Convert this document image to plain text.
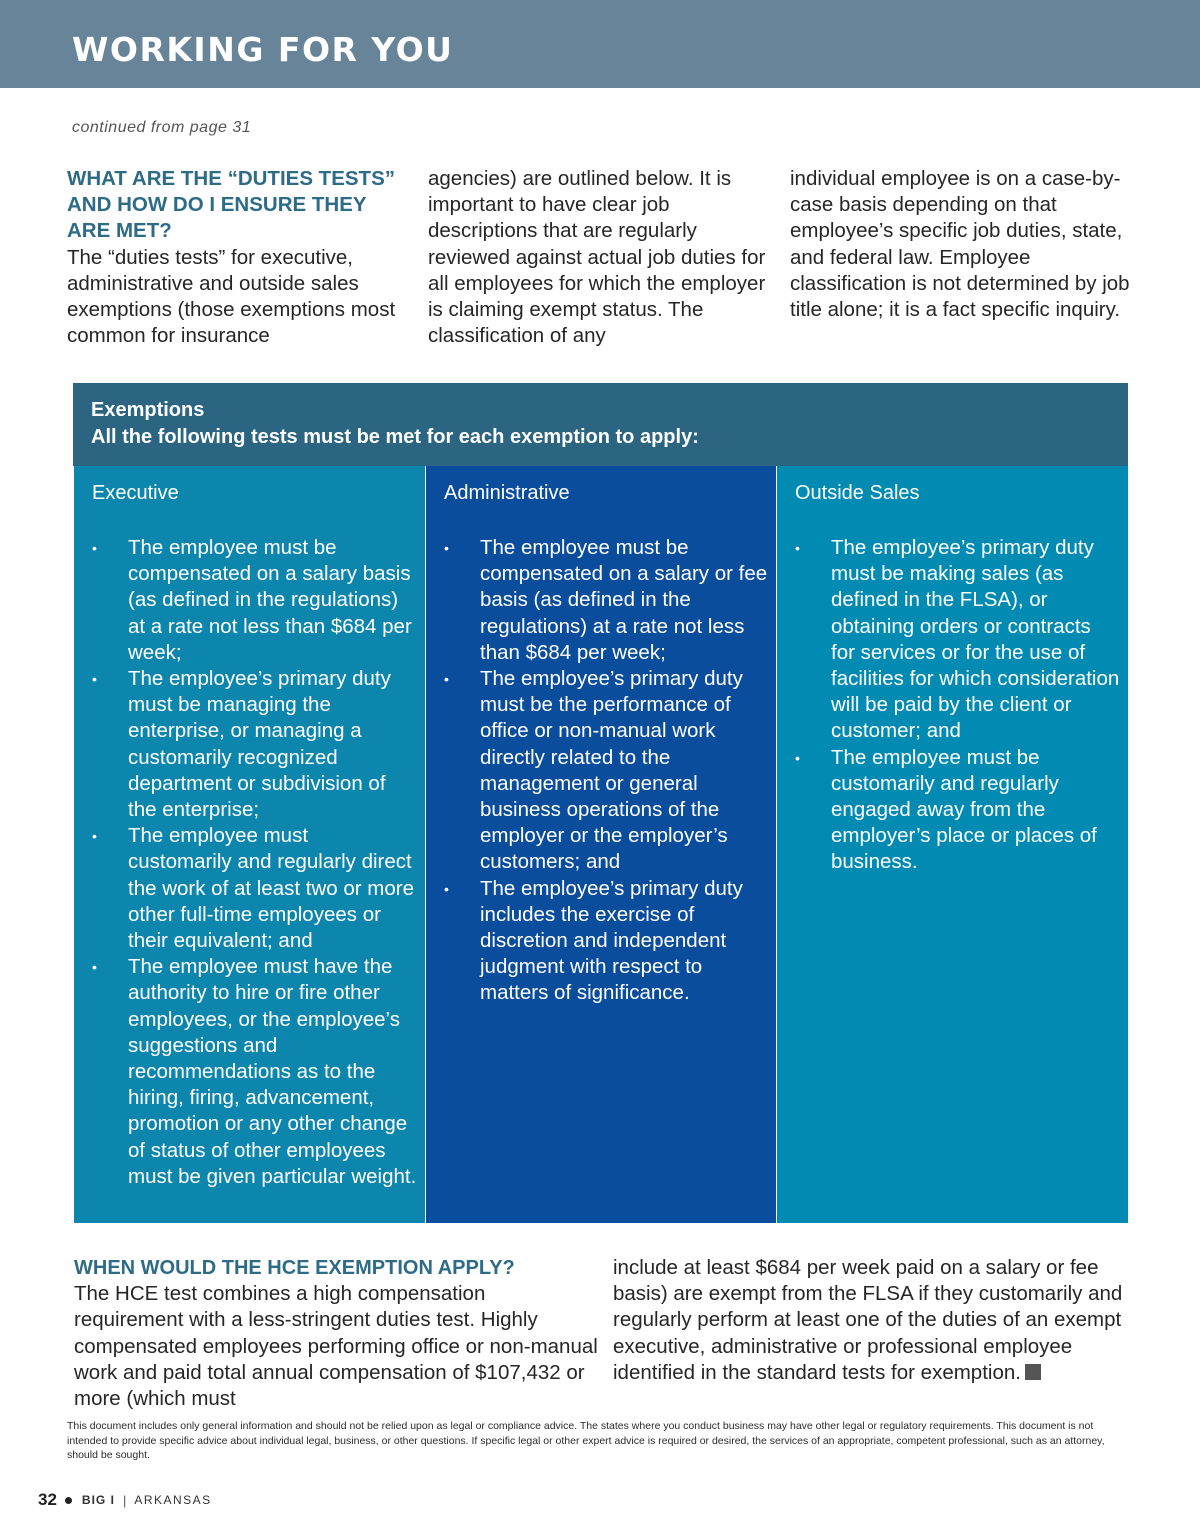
WORKING FOR YOU
continued from page 31
WHAT ARE THE “DUTIES TESTS” AND HOW DO I ENSURE THEY ARE MET?

The “duties tests” for executive, administrative and outside sales exemptions (those exemptions most common for insurance

agencies) are outlined below. It is important to have clear job descriptions that are regularly reviewed against actual job duties for all employees for which the employer is claiming exempt status. The classification of any

individual employee is on a case-by-case basis depending on that employee’s specific job duties, state, and federal law. Employee classification is not determined by job title alone; it is a fact specific inquiry.

Exemptions
All the following tests must be met for each exemption to apply:
Executive
• The employee must be compensated on a salary basis (as defined in the regulations) at a rate not less than $684 per week;
• The employee’s primary duty must be managing the enterprise, or managing a customarily recognized department or subdivision of the enterprise;
• The employee must customarily and regularly direct the work of at least two or more other full-time employees or their equivalent; and
• The employee must have the authority to hire or fire other employees, or the employee’s suggestions and recommendations as to the hiring, firing, advancement, promotion or any other change of status of other employees must be given particular weight.
Administrative
• The employee must be compensated on a salary or fee basis (as defined in the regulations) at a rate not less than $684 per week;
• The employee’s primary duty must be the performance of office or non-manual work directly related to the management or general business operations of the employer or the employer’s customers; and
• The employee’s primary duty includes the exercise of discretion and independent judgment with respect to matters of significance.
Outside Sales
• The employee’s primary duty must be making sales (as defined in the FLSA), or obtaining orders or contracts for services or for the use of facilities for which consideration will be paid by the client or customer; and
• The employee must be customarily and regularly engaged away from the employer’s place or places of business.
WHEN WOULD THE HCE EXEMPTION APPLY?

The HCE test combines a high compensation requirement with a less-stringent duties test. Highly compensated employees performing office or non-manual work and paid total annual compensation of $107,432 or more (which must

include at least $684 per week paid on a salary or fee basis) are exempt from the FLSA if they customarily and regularly perform at least one of the duties of an exempt executive, administrative or professional employee identified in the standard tests for exemption.

This document includes only general information and should not be relied upon as legal or compliance advice. The states where you conduct business may have other legal or regulatory requirements. This document is not intended to provide specific advice about individual legal, business, or other questions. If specific legal or other expert advice is required or desired, the services of an appropriate, competent professional, such as an attorney, should be sought.

32 BIG I | ARKANSAS
